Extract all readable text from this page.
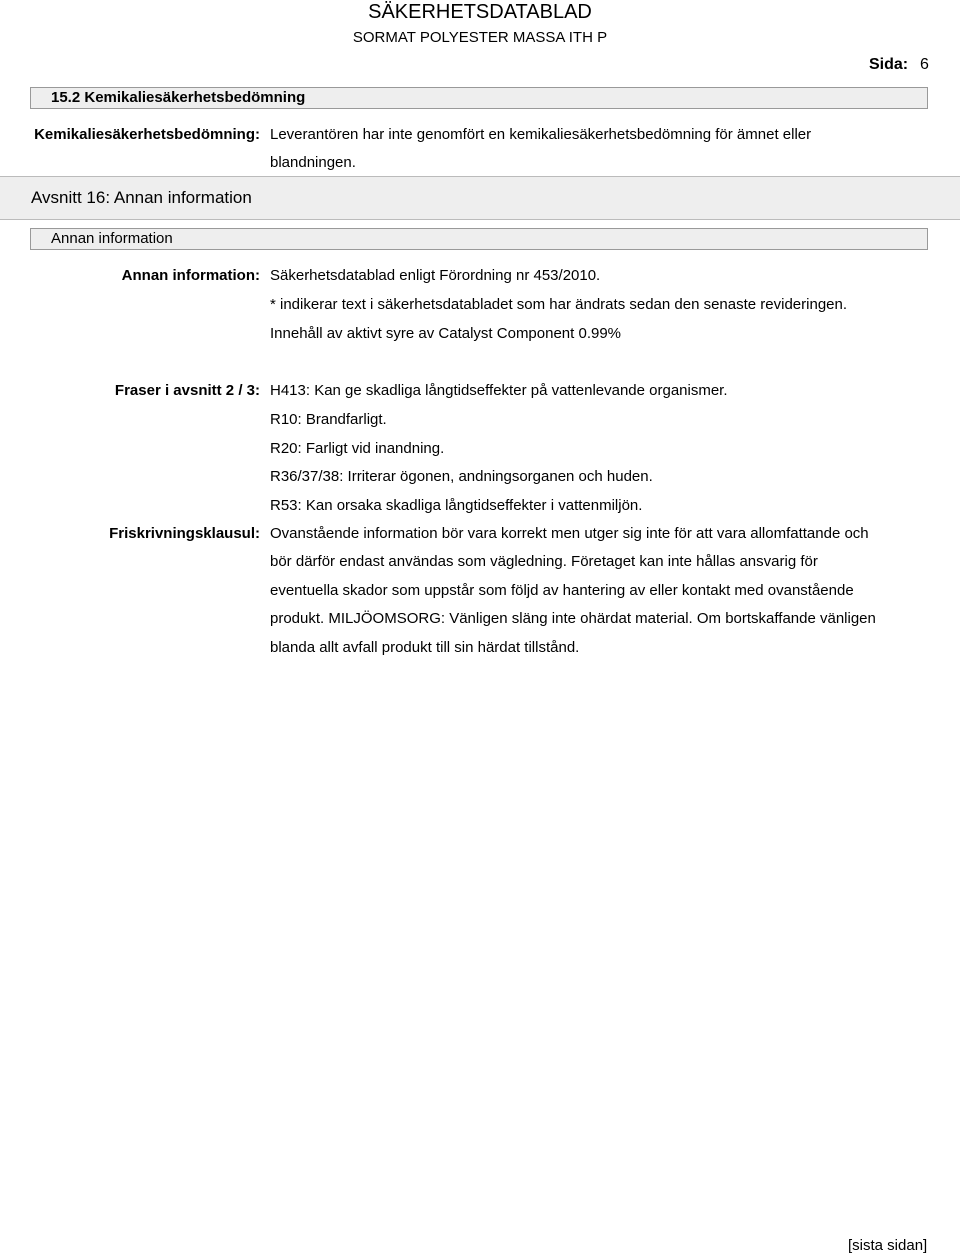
SÄKERHETSDATABLAD
SORMAT POLYESTER MASSA ITH P
Sida: 6
15.2 Kemikaliesäkerhetsbedömning
Kemikaliesäkerhetsbedömning: Leverantören har inte genomfört en kemikaliesäkerhetsbedömning för ämnet eller
blandningen.
Avsnitt 16: Annan information
Annan information
Annan information: Säkerhetsdatablad enligt Förordning nr 453/2010.
* indikerar text i säkerhetsdatabladet som har ändrats sedan den senaste revideringen.
Innehåll av aktivt syre av Catalyst Component 0.99%
Fraser i avsnitt 2 / 3: H413: Kan ge skadliga långtidseffekter på vattenlevande organismer.
R10: Brandfarligt.
R20: Farligt vid inandning.
R36/37/38: Irriterar ögonen, andningsorganen och huden.
R53: Kan orsaka skadliga långtidseffekter i vattenmiljön.
Friskrivningsklausul: Ovanstående information bör vara korrekt men utger sig inte för att vara allomfattande och bör därför endast användas som vägledning. Företaget kan inte hållas ansvarig för eventuella skador som uppstår som följd av hantering av eller kontakt med ovanstående produkt. MILJÖOMSORG: Vänligen släng inte ohärdat material. Om bortskaffande vänligen blanda allt avfall produkt till sin härdat tillstånd.
[sista sidan]
